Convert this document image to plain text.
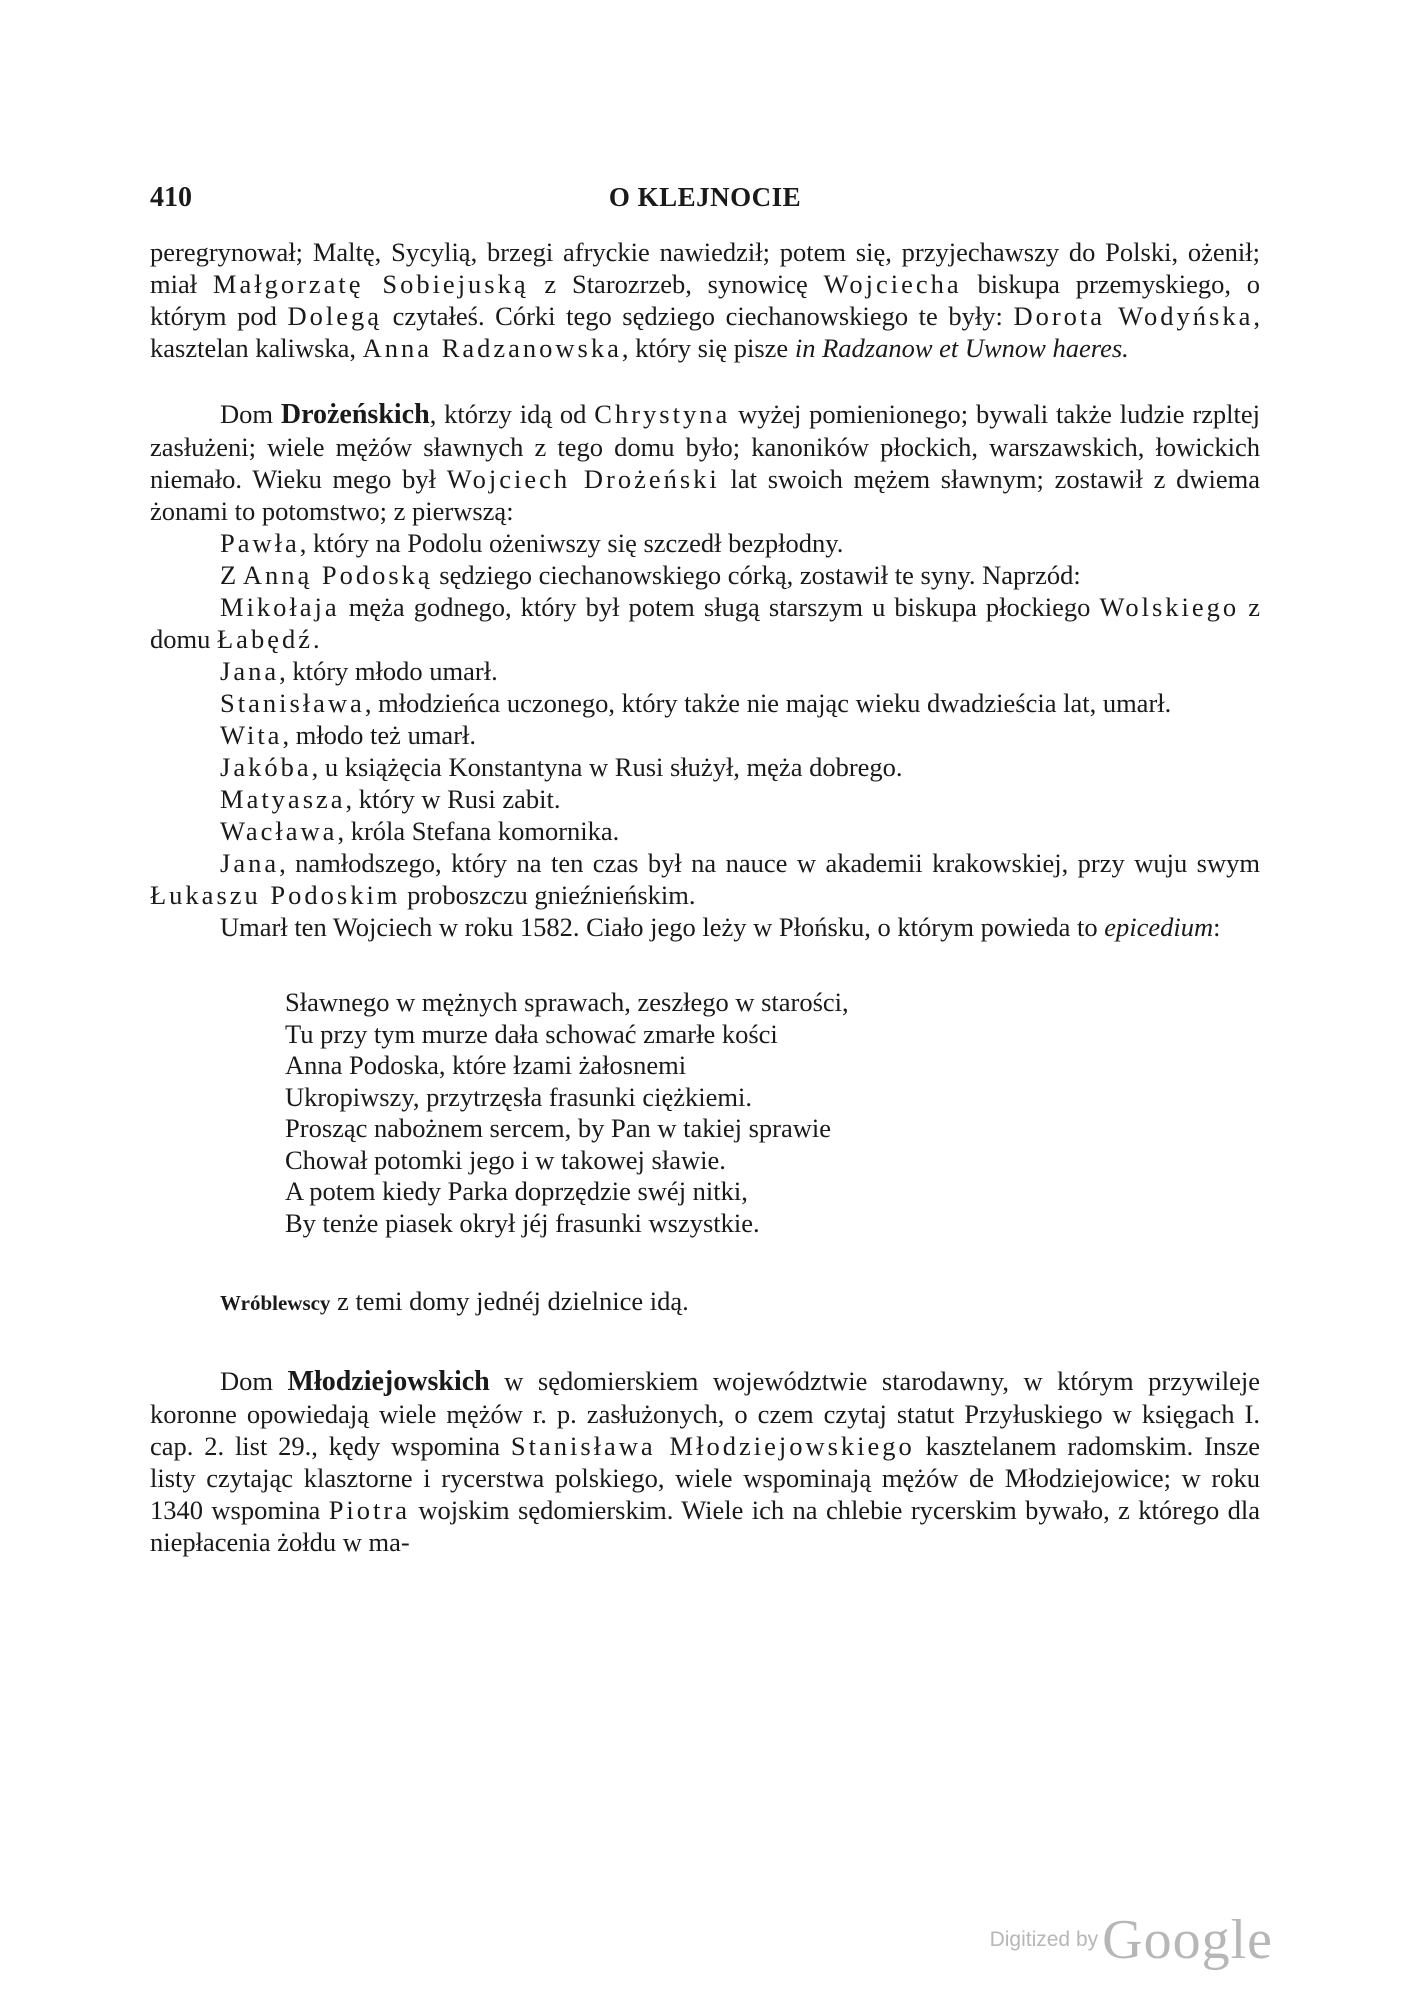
410	O KLEJNOCIE

peregrynował; Maltę, Sycylią, brzegi afryckie nawiedził; potem się, przyjechawszy do Polski, ożenił; miał Małgorzatę Sobiejuską z Starozrzeb, synowicę Wojciecha biskupa przemyskiego, o którym pod Dolegą czytałeś. Córki tego sędziego ciechanowskiego te były: Dorota Wodyńska, kasztelan kaliwska, Anna Radzanowska, który się pisze in Radzanow et Uwnow haeres.

Dom Drożeńskich, którzy idą od Chrystyna wyżej pomienionego; bywali także ludzie rzpltej zasłużeni; wiele mężów sławnych z tego domu było; kanoników płockich, warszawskich, łowickich niemało. Wieku mego był Wojciech Drożeński lat swoich mężem sławnym; zostawił z dwiema żonami to potomstwo; z pierwszą:

Pawła, który na Podolu ożeniwszy się szczedł bezpłodny.

Z Anną Podoską sędziego ciechanowskiego córką, zostawił te syny. Naprzód:

Mikołaja męża godnego, który był potem sługą starszym u biskupa płockiego Wolskiego z domu Łabędź.

Jana, który młodo umarł.

Stanisława, młodzieńca uczonego, który także nie mając wieku dwadzieścia lat, umarł.

Wita, młodo też umarł.

Jakóba, u książęcia Konstantyna w Rusi służył, męża dobrego.

Matyasza, który w Rusi zabit.

Wacława, króla Stefana komornika.

Jana, namłodszego, który na ten czas był na nauce w akademii krakowskiej, przy wuju swym Łukaszu Podoskim proboszczu gnieźnieńskim.

Umarł ten Wojciech w roku 1582. Ciało jego leży w Płońsku, o którym powieda to epicedium:

Sławnego w mężnych sprawach, zeszłego w starości,
Tu przy tym murze dała schować zmarłe kości
Anna Podoska, które łzami żałosnemi
Ukropiwszy, przytrzęsła frasunki ciężkiemi.
Prosząc nabożnem sercem, by Pan w takiej sprawie
Chował potomki jego i w takowej sławie.
A potem kiedy Parka doprzędzie swéj nitki,
By tenże piasek okrył jéj frasunki wszystkie.

Wróblewscy z temi domy jednéj dzielnice idą.

Dom Młodziejowskich w sędomierskiem województwie starodawny, w którym przywileje koronne opowiedają wiele mężów r. p. zasłużonych, o czem czytaj statut Przyłuskiego w księgach I. cap. 2. list 29., kędy wspomina Stanisława Młodziejowskiego kasztelanem radomskim. Insze listy czytając klasztorne i rycerstwa polskiego, wiele wspominają mężów de Młodziejowice; w roku 1340 wspomina Piotra wojskim sędomierskim. Wiele ich na chlebie rycerskim bywało, z którego dla niepłacenia żołdu w ma-

Digitized by Google
